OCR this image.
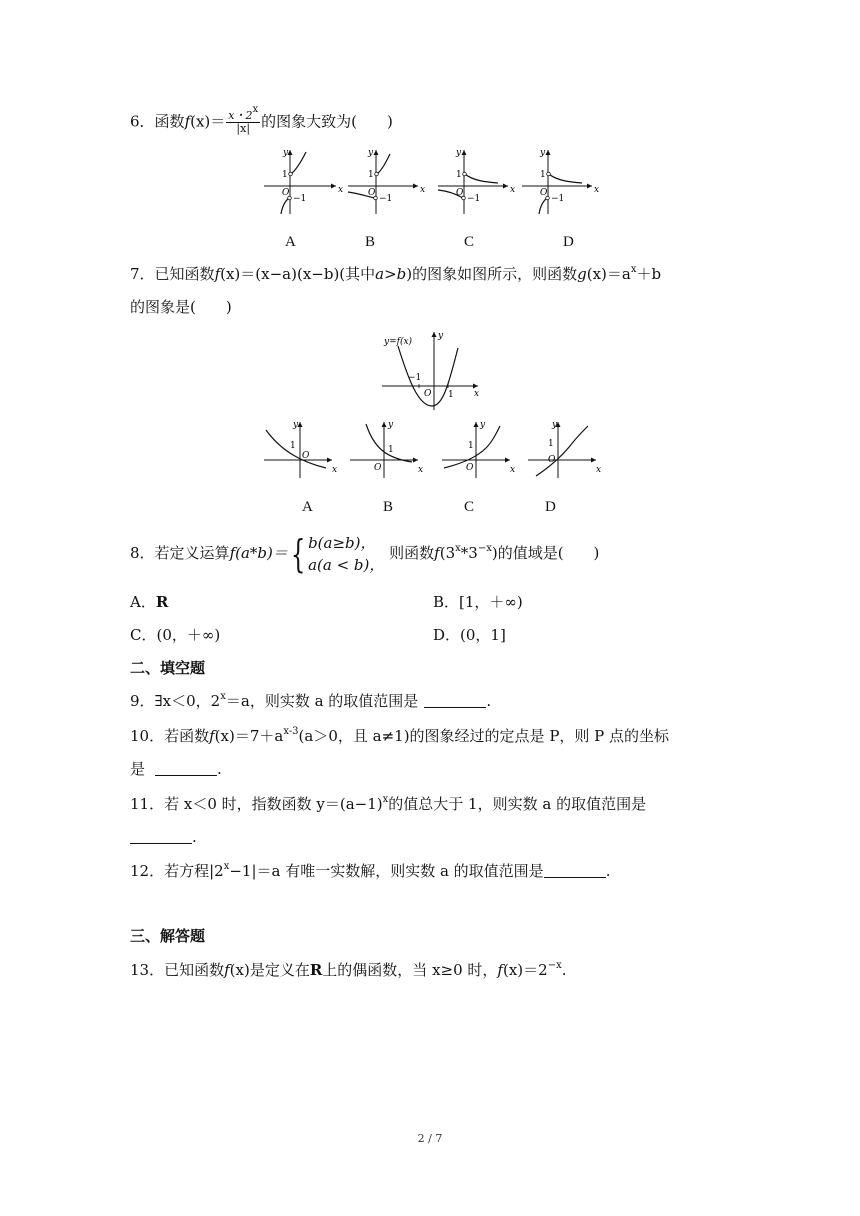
6．函数$f(x)= \frac{x・2^x}{|x|}$ 的图象大致为(　　)
y
x
O
1
−1
y
x
O
1
−1
y
x
O
1
−1
y
x
O
1
−1
A	B	C	D
7．已知函数f(x)＝(x−a)(x−b)(其中a>b)的图象如图所示，则函数$g(x)=a^x+b$
的图象是(　　)
y=f(x)
y
x
O
−1
1
y
x
O
1
y
x
O
1
y
x
O
1
y
x
O
1
A	B	C	D
8．若定义运算f(a*b)＝ { b(a≥b)，
a(a < b)，
则函数$f(3^x*3^{-x})$的值域是(　　)
A．R	B．[1，＋∞)
C．(0，＋∞)	D．(0，1]
二、填空题
9．∃x＜0，$2^x=a$，则实数 a 的取值范围是	.
10．若函数$f(x)=7+a^{x-3}(a>0$，且 a≠1)的图象经过的定点是 P，则 P 点的坐标
是	.
11．若 x＜0 时，指数函数 $y=(a-1)^x$的值总大于 1，则实数 a 的取值范围是
.
12．若方程$|2^x-1|=a$ 有唯一实数解，则实数 a 的取值范围是	.
三、解答题
13．已知函数f(x)是定义在R上的偶函数，当 x≥0 时，$f(x)=2^{-x}$.
2 / 7
